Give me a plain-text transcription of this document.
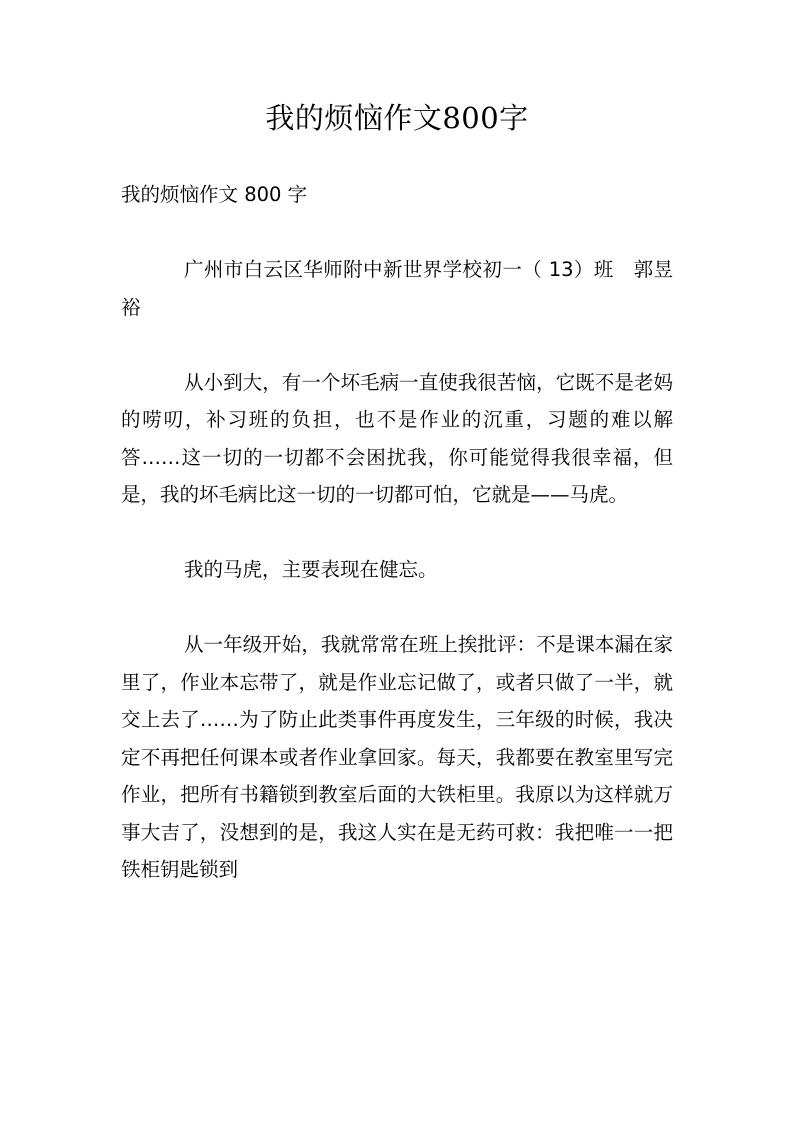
我的烦恼作文800字

我的烦恼作文 800 字

广州市白云区华师附中新世界学校初一（ 13）班　郭昱裕

从小到大，有一个坏毛病一直使我很苦恼，它既不是老妈的唠叨，补习班的负担，也不是作业的沉重，习题的难以解答……这一切的一切都不会困扰我，你可能觉得我很幸福，但是，我的坏毛病比这一切的一切都可怕，它就是——马虎。

我的马虎，主要表现在健忘。

从一年级开始，我就常常在班上挨批评：不是课本漏在家里了，作业本忘带了，就是作业忘记做了，或者只做了一半，就交上去了……为了防止此类事件再度发生，三年级的时候，我决定不再把任何课本或者作业拿回家。每天，我都要在教室里写完作业，把所有书籍锁到教室后面的大铁柜里。我原以为这样就万事大吉了，没想到的是，我这人实在是无药可救：我把唯一一把铁柜钥匙锁到
